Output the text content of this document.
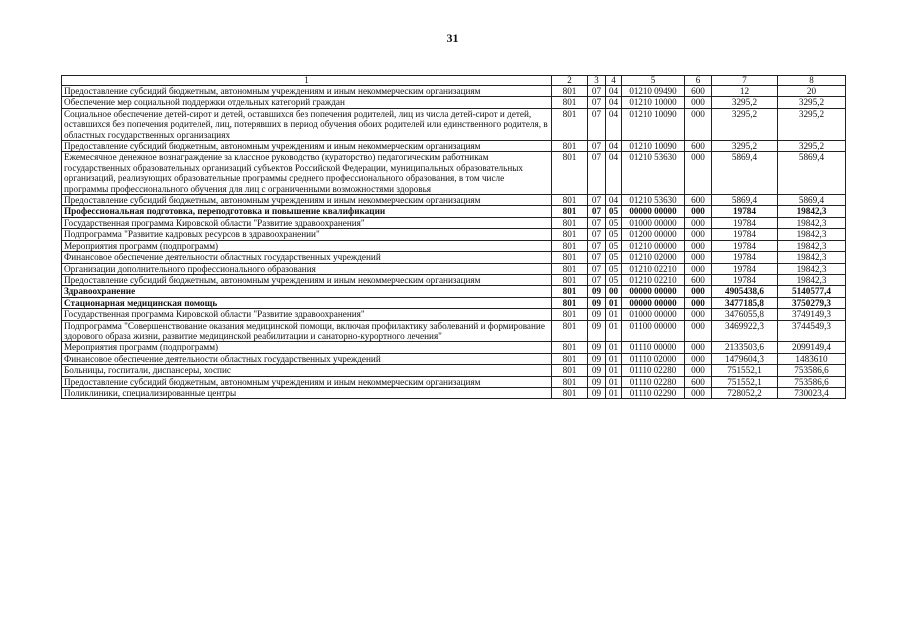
31
1	2	3	4	5	6	7	8
Предоставление субсидий бюджетным, автономным учреждениям и иным некоммерческим организациям	801	07	04	01210 09490	600	12	20
Обеспечение мер социальной поддержки отдельных категорий граждан	801	07	04	01210 10000	000	3295,2	3295,2
Социальное обеспечение детей-сирот и детей, оставшихся без попечения родителей, лиц из числа детей-сирот и детей, оставшихся без попечения родителей, лиц, потерявших в период обучения обоих родителей или единственного родителя, в областных государственных организациях	801	07	04	01210 10090	000	3295,2	3295,2
Предоставление субсидий бюджетным, автономным учреждениям и иным некоммерческим организациям	801	07	04	01210 10090	600	3295,2	3295,2
Ежемесячное денежное вознаграждение за классное руководство (кураторство) педагогическим работникам государственных образовательных организаций субъектов Российской Федерации, муниципальных образовательных организаций, реализующих образовательные программы среднего профессионального образования, в том числе программы профессионального обучения для лиц с ограниченными возможностями здоровья	801	07	04	01210 53630	000	5869,4	5869,4
Предоставление субсидий бюджетным, автономным учреждениям и иным некоммерческим организациям	801	07	04	01210 53630	600	5869,4	5869,4
Профессиональная подготовка, переподготовка и повышение квалификации	801	07	05	00000 00000	000	19784	19842,3
Государственная программа Кировской области "Развитие здравоохранения"	801	07	05	01000 00000	000	19784	19842,3
Подпрограмма "Развитие кадровых ресурсов в здравоохранении"	801	07	05	01200 00000	000	19784	19842,3
Мероприятия программ (подпрограмм)	801	07	05	01210 00000	000	19784	19842,3
Финансовое обеспечение деятельности областных государственных учреждений	801	07	05	01210 02000	000	19784	19842,3
Организации дополнительного профессионального образования	801	07	05	01210 02210	000	19784	19842,3
Предоставление субсидий бюджетным, автономным учреждениям и иным некоммерческим организациям	801	07	05	01210 02210	600	19784	19842,3
Здравоохранение	801	09	00	00000 00000	000	4905438,6	5140577,4
Стационарная медицинская помощь	801	09	01	00000 00000	000	3477185,8	3750279,3
Государственная программа Кировской области "Развитие здравоохранения"	801	09	01	01000 00000	000	3476055,8	3749149,3
Подпрограмма "Совершенствование оказания медицинской помощи, включая профилактику заболеваний и формирование здорового образа жизни, развитие медицинской реабилитации и санаторно-курортного лечения"	801	09	01	01100 00000	000	3469922,3	3744549,3
Мероприятия программ (подпрограмм)	801	09	01	01110 00000	000	2133503,6	2099149,4
Финансовое обеспечение деятельности областных государственных учреждений	801	09	01	01110 02000	000	1479604,3	1483610
Больницы, госпитали, диспансеры, хоспис	801	09	01	01110 02280	000	751552,1	753586,6
Предоставление субсидий бюджетным, автономным учреждениям и иным некоммерческим организациям	801	09	01	01110 02280	600	751552,1	753586,6
Поликлиники, специализированные центры	801	09	01	01110 02290	000	728052,2	730023,4
